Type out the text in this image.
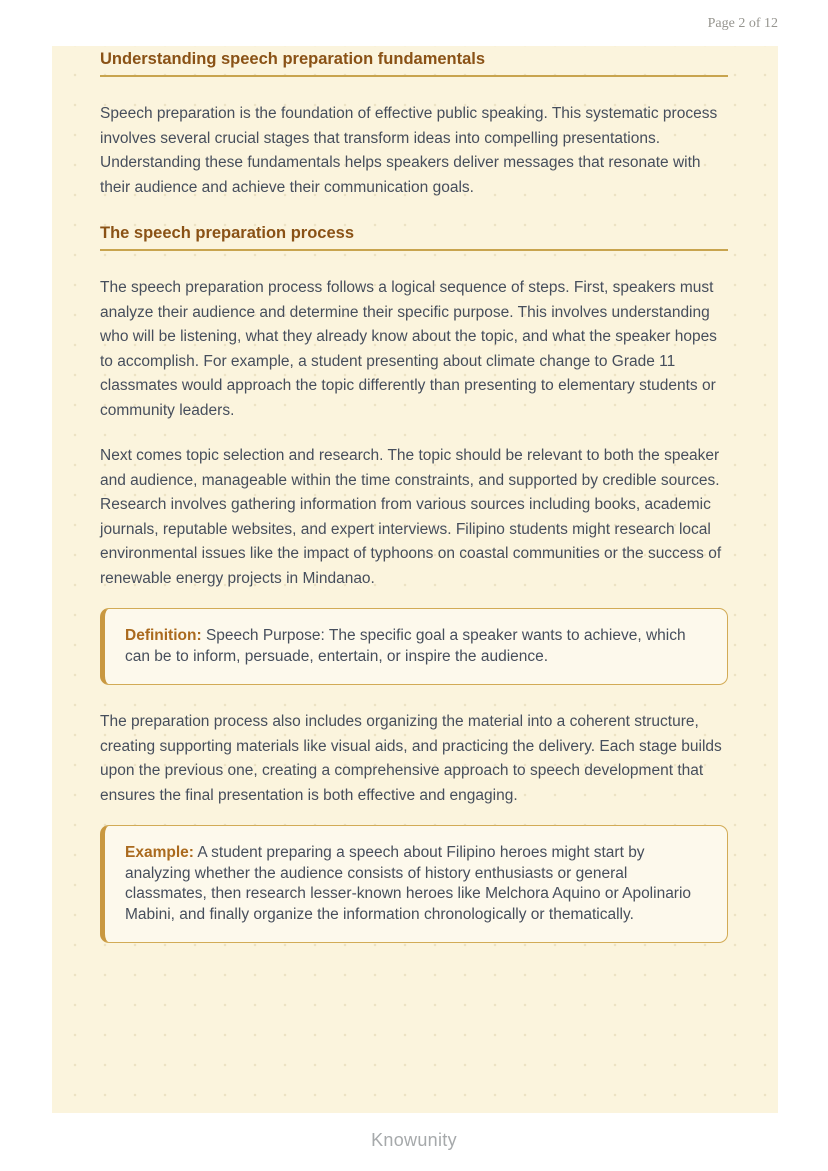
Page 2 of 12
Understanding speech preparation fundamentals

Speech preparation is the foundation of effective public speaking. This systematic process involves several crucial stages that transform ideas into compelling presentations. Understanding these fundamentals helps speakers deliver messages that resonate with their audience and achieve their communication goals.

The speech preparation process

The speech preparation process follows a logical sequence of steps. First, speakers must analyze their audience and determine their specific purpose. This involves understanding who will be listening, what they already know about the topic, and what the speaker hopes to accomplish. For example, a student presenting about climate change to Grade 11 classmates would approach the topic differently than presenting to elementary students or community leaders.

Next comes topic selection and research. The topic should be relevant to both the speaker and audience, manageable within the time constraints, and supported by credible sources. Research involves gathering information from various sources including books, academic journals, reputable websites, and expert interviews. Filipino students might research local environmental issues like the impact of typhoons on coastal communities or the success of renewable energy projects in Mindanao.

Definition: Speech Purpose: The specific goal a speaker wants to achieve, which can be to inform, persuade, entertain, or inspire the audience.

The preparation process also includes organizing the material into a coherent structure, creating supporting materials like visual aids, and practicing the delivery. Each stage builds upon the previous one, creating a comprehensive approach to speech development that ensures the final presentation is both effective and engaging.

Example: A student preparing a speech about Filipino heroes might start by analyzing whether the audience consists of history enthusiasts or general classmates, then research lesser-known heroes like Melchora Aquino or Apolinario Mabini, and finally organize the information chronologically or thematically.

Knowunity
